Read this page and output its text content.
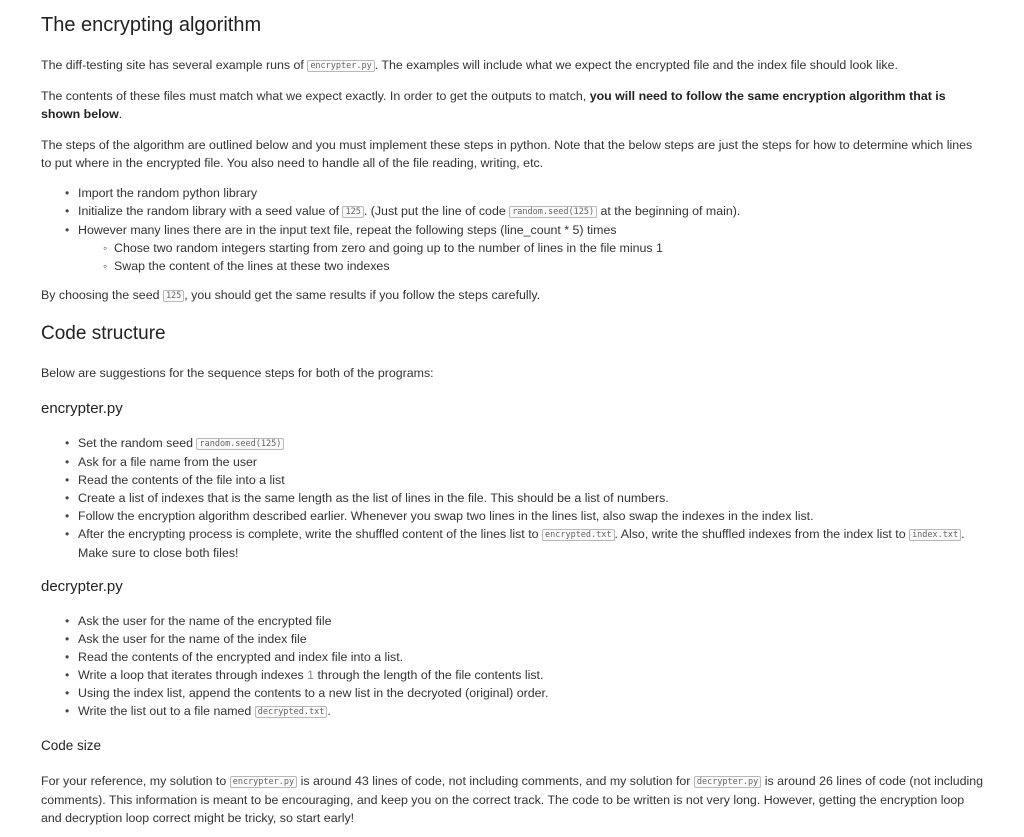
The encrypting algorithm

The diff-testing site has several example runs of encrypter.py . The examples will include what we expect the encrypted file and the index file should look like.

The contents of these files must match what we expect exactly. In order to get the outputs to match, you will need to follow the same encryption algorithm that is shown below.

The steps of the algorithm are outlined below and you must implement these steps in python. Note that the below steps are just the steps for how to determine which lines to put where in the encrypted file. You also need to handle all of the file reading, writing, etc.

• Import the random python library
• Initialize the random library with a seed value of 125 . (Just put the line of code random.seed(125) at the beginning of main).
• However many lines there are in the input text file, repeat the following steps (line_count * 5) times
◦ Chose two random integers starting from zero and going up to the number of lines in the file minus 1
◦ Swap the content of the lines at these two indexes

By choosing the seed 125 , you should get the same results if you follow the steps carefully.

Code structure

Below are suggestions for the sequence steps for both of the programs:

encrypter.py
• Set the random seed random.seed(125)
• Ask for a file name from the user
• Read the contents of the file into a list
• Create a list of indexes that is the same length as the list of lines in the file. This should be a list of numbers.
• Follow the encryption algorithm described earlier. Whenever you swap two lines in the lines list, also swap the indexes in the index list.
• After the encrypting process is complete, write the shuffled content of the lines list to encrypted.txt . Also, write the shuffled indexes from the index list to index.txt . Make sure to close both files!
decrypter.py
• Ask the user for the name of the encrypted file
• Ask the user for the name of the index file
• Read the contents of the encrypted and index file into a list.
• Write a loop that iterates through indexes 1 through the length of the file contents list.
• Using the index list, append the contents to a new list in the decryoted (original) order.
• Write the list out to a file named decrypted.txt .
Code size

For your reference, my solution to encrypter.py is around 43 lines of code, not including comments, and my solution for decrypter.py is around 26 lines of code (not including comments). This information is meant to be encouraging, and keep you on the correct track. The code to be written is not very long. However, getting the encryption loop and decryption loop correct might be tricky, so start early!
